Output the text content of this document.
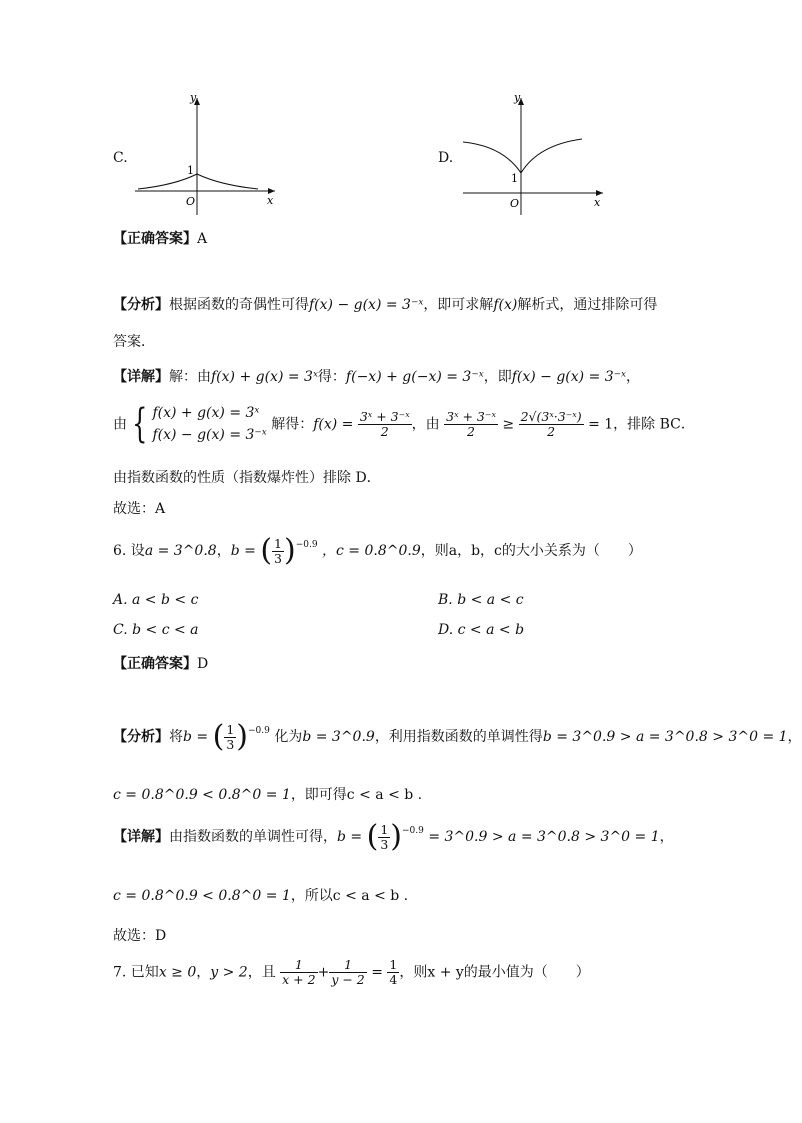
C.
y
x
O
1
D.
y
x
O
1
【正确答案】A
【分析】根据函数的奇偶性可得f(x) − g(x) = 3⁻ˣ，即可求解f(x)解析式，通过排除可得
答案．
【详解】解：由f(x) + g(x) = 3ˣ得：f(−x) + g(−x) = 3⁻ˣ，即f(x) − g(x) = 3⁻ˣ，
由 { f(x) + g(x) = 3ˣ
f(x) − g(x) = 3⁻ˣ
解得：$f(x) = \frac{\text{3ˣ + 3⁻ˣ}}{2}$ ，由 $\frac{\text{3ˣ + 3⁻ˣ}}{2} \ge \frac{\text{2√(3ˣ·3⁻ˣ)}}{2} = 1$，排除 BC．
由指数函数的性质（指数爆炸性）排除 D．
故选：A
6. 设a = 3^0.8，b = ( $\frac{1}{3} )^{-0.9}$ ，c = 0.8^0.9，则a，b，c的大小关系为（　　）
A. a < b < c	B. b < a < c
C. b < c < a	D. c < a < b
【正确答案】D
【分析】将b = ( $\frac{1}{3} )^{-0.9}$ 化为b = 3^0.9，利用指数函数的单调性得b = 3^0.9 > a = 3^0.8 > 3^0 = 1，
c = 0.8^0.9 < 0.8^0 = 1，即可得c < a < b .
【详解】由指数函数的单调性可得，b = ( $\frac{1}{3} )^{-0.9}$ = 3^0.9 > a = 3^0.8 > 3^0 = 1，
c = 0.8^0.9 < 0.8^0 = 1，所以c < a < b .
故选：D
7. 已知x ≥ 0，y > 2，且 $\frac{1}{x + 2} + \frac{1}{y - 2} = \frac{1}{4}$ ，则x + y的最小值为（　　）
